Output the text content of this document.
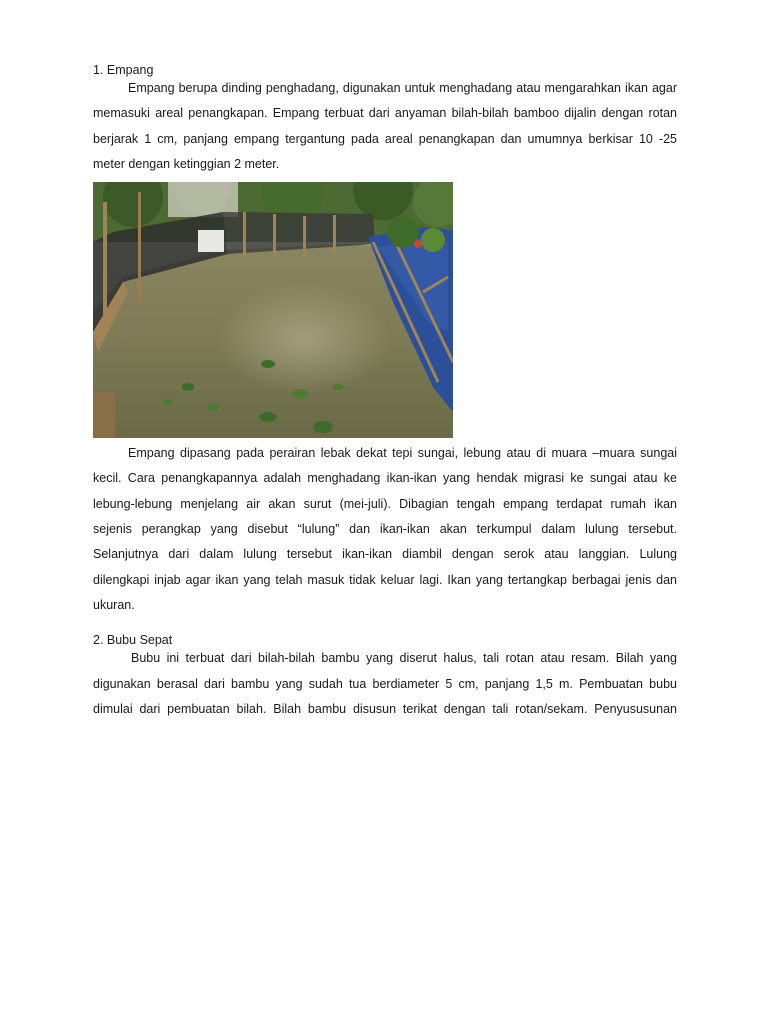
1. Empang

Empang berupa dinding penghadang, digunakan untuk menghadang atau mengarahkan ikan agar
memasuki areal penangkapan. Empang terbuat dari anyaman bilah-bilah bamboo dijalin dengan rotan
berjarak 1 cm, panjang empang tergantung pada areal penangkapan dan umumnya berkisar 10 -25
meter dengan ketinggian 2 meter.
Empang dipasang pada perairan lebak dekat tepi sungai, lebung atau di muara –muara sungai
kecil. Cara penangkapannya adalah menghadang ikan-ikan yang hendak migrasi ke sungai atau ke
lebung-lebung menjelang air akan surut (mei-juli). Dibagian tengah empang terdapat rumah ikan
sejenis perangkap yang disebut “lulung” dan ikan-ikan akan terkumpul dalam lulung tersebut.
Selanjutnya dari dalam lulung tersebut ikan-ikan diambil dengan serok atau langgian. Lulung
dilengkapi injab agar ikan yang telah masuk tidak keluar lagi. Ikan yang tertangkap berbagai jenis dan
ukuran.

2. Bubu Sepat

Bubu ini terbuat dari bilah-bilah bambu yang diserut halus, tali rotan atau resam. Bilah yang
digunakan berasal dari bambu yang sudah tua berdiameter 5 cm, panjang 1,5 m. Pembuatan bubu
dimulai dari pembuatan bilah. Bilah bambu disusun terikat dengan tali rotan/sekam. Penyususunan
